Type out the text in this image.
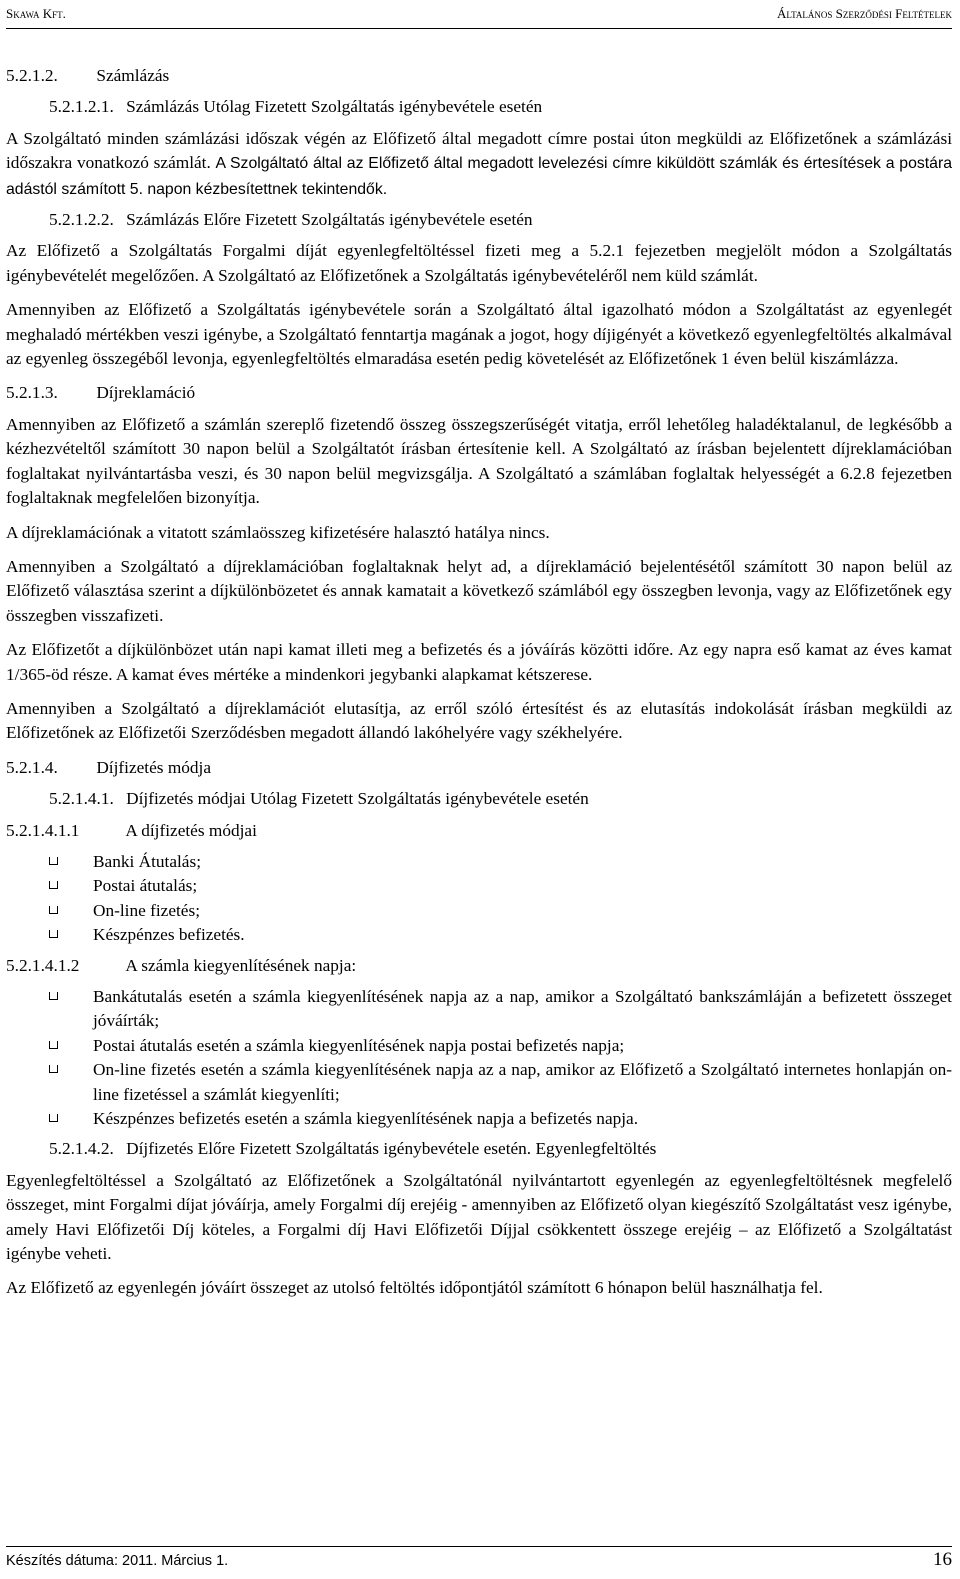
Skawa Kft.	Általános Szerződési Feltételek
5.2.1.2. Számlázás
5.2.1.2.1. Számlázás Utólag Fizetett Szolgáltatás igénybevétele esetén

A Szolgáltató minden számlázási időszak végén az Előfizető által megadott címre postai úton megküldi az Előfizetőnek a számlázási időszakra vonatkozó számlát. A Szolgáltató által az Előfizető által megadott levelezési címre kiküldött számlák és értesítések a postára adástól számított 5. napon kézbesítettnek tekintendők.

5.2.1.2.2. Számlázás Előre Fizetett Szolgáltatás igénybevétele esetén

Az Előfizető a Szolgáltatás Forgalmi díját egyenlegfeltöltéssel fizeti meg a 5.2.1 fejezetben megjelölt módon a Szolgáltatás igénybevételét megelőzően. A Szolgáltató az Előfizetőnek a Szolgáltatás igénybevételéről nem küld számlát.

Amennyiben az Előfizető a Szolgáltatás igénybevétele során a Szolgáltató által igazolható módon a Szolgáltatást az egyenlegét meghaladó mértékben veszi igénybe, a Szolgáltató fenntartja magának a jogot, hogy díjigényét a következő egyenlegfeltöltés alkalmával az egyenleg összegéből levonja, egyenlegfeltöltés elmaradása esetén pedig követelését az Előfizetőnek 1 éven belül kiszámlázza.

5.2.1.3. Díjreklamáció

Amennyiben az Előfizető a számlán szereplő fizetendő összeg összegszerűségét vitatja, erről lehetőleg haladéktalanul, de legkésőbb a kézhezvételtől számított 30 napon belül a Szolgáltatót írásban értesítenie kell. A Szolgáltató az írásban bejelentett díjreklamációban foglaltakat nyilvántartásba veszi, és 30 napon belül megvizsgálja. A Szolgáltató a számlában foglaltak helyességét a 6.2.8 fejezetben foglaltaknak megfelelően bizonyítja.

A díjreklamációnak a vitatott számlaösszeg kifizetésére halasztó hatálya nincs.

Amennyiben a Szolgáltató a díjreklamációban foglaltaknak helyt ad, a díjreklamáció bejelentésétől számított 30 napon belül az Előfizető választása szerint a díjkülönbözetet és annak kamatait a következő számlából egy összegben levonja, vagy az Előfizetőnek egy összegben visszafizeti.

Az Előfizetőt a díjkülönbözet után napi kamat illeti meg a befizetés és a jóváírás közötti időre. Az egy napra eső kamat az éves kamat 1/365-öd része. A kamat éves mértéke a mindenkori jegybanki alapkamat kétszerese.

Amennyiben a Szolgáltató a díjreklamációt elutasítja, az erről szóló értesítést és az elutasítás indokolását írásban megküldi az Előfizetőnek az Előfizetői Szerződésben megadott állandó lakóhelyére vagy székhelyére.

5.2.1.4. Díjfizetés módja
5.2.1.4.1. Díjfizetés módjai Utólag Fizetett Szolgáltatás igénybevétele esetén
5.2.1.4.1.1	A díjfizetés módjai
Banki Átutalás;
Postai átutalás;
On-line fizetés;
Készpénzes befizetés.
5.2.1.4.1.2	A számla kiegyenlítésének napja:
Bankátutalás esetén a számla kiegyenlítésének napja az a nap, amikor a Szolgáltató bankszámláján a befizetett összeget jóváírták;
Postai átutalás esetén a számla kiegyenlítésének napja postai befizetés napja;
On-line fizetés esetén a számla kiegyenlítésének napja az a nap, amikor az Előfizető a Szolgáltató internetes honlapján on-line fizetéssel a számlát kiegyenlíti;
Készpénzes befizetés esetén a számla kiegyenlítésének napja a befizetés napja.
5.2.1.4.2. Díjfizetés Előre Fizetett Szolgáltatás igénybevétele esetén. Egyenlegfeltöltés

Egyenlegfeltöltéssel a Szolgáltató az Előfizetőnek a Szolgáltatónál nyilvántartott egyenlegén az egyenlegfeltöltésnek megfelelő összeget, mint Forgalmi díjat jóváírja, amely Forgalmi díj erejéig - amennyiben az Előfizető olyan kiegészítő Szolgáltatást vesz igénybe, amely Havi Előfizetői Díj köteles, a Forgalmi díj Havi Előfizetői Díjjal csökkentett összege erejéig – az Előfizető a Szolgáltatást igénybe veheti.

Az Előfizető az egyenlegén jóváírt összeget az utolsó feltöltés időpontjától számított 6 hónapon belül használhatja fel.

Készítés dátuma: 2011. Március 1.	16
